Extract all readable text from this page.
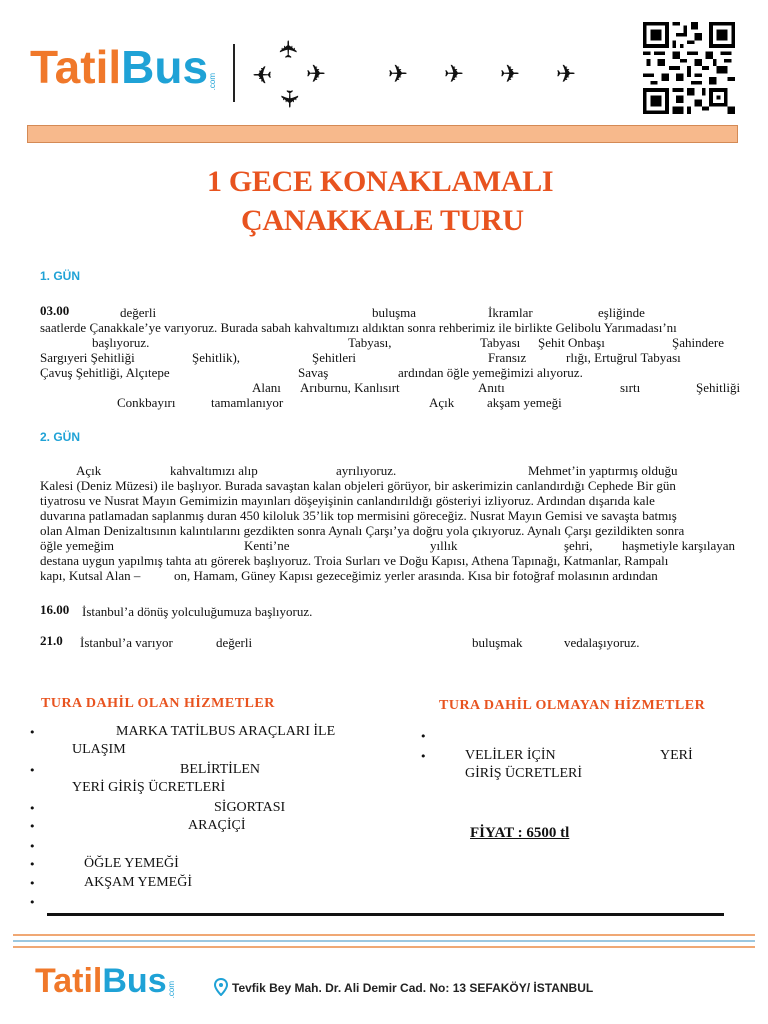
TatilBus.com
✈
✈ ✈
✈
✈ ✈ ✈ ✈
1 GECE KONAKLAMALI
ÇANAKKALE TURU
1. GÜN
03.00	değerli	buluşma	İkramlar	eşliğinde
saatlerde Çanakkale’ye varıyoruz. Burada sabah kahvaltımızı aldıktan sonra rehberimiz ile birlikte Gelibolu Yarımadası’nı
başlıyoruz.	Tabyası,	Tabyası Şehit Onbaşı	Şahindere
Sargıyeri Şehitliği	Şehitlik),	Şehitleri	Fransız	rlığı, Ertuğrul Tabyası
Çavuş Şehitliği, Alçıtepe	Savaş	ardından öğle yemeğimizi alıyoruz.
Alanı Arıburnu, Kanlısırt	Anıtı	sırtı	Şehitliği
Conkbayırı	tamamlanıyor	Açık	akşam yemeği
2. GÜN
Açık	kahvaltımızı alıp	ayrılıyoruz.	Mehmet’in yaptırmış olduğu
Kalesi (Deniz Müzesi) ile başlıyor. Burada savaştan kalan objeleri görüyor, bir askerimizin canlandırdığı Cephede Bir gün
tiyatrosu ve Nusrat Mayın Gemimizin mayınları döşeyişinin canlandırıldığı gösteriyi izliyoruz. Ardından dışarıda kale
duvarına patlamadan saplanmış duran 450 kiloluk 35’lik top mermisini göreceğiz. Nusrat Mayın Gemisi ve savaşta batmış
olan Alman Denizaltısının kalıntılarını gezdikten sonra Aynalı Çarşı’ya doğru yola çıkıyoruz. Aynalı Çarşı gezildikten sonra
öğle yemeğim	Kenti’ne	yıllık	şehri, haşmetiyle karşılayan
destana uygun yapılmış tahta atı görerek başlıyoruz. Troia Surları ve Doğu Kapısı, Athena Tapınağı, Katmanlar, Rampalı
kapı, Kutsal Alan –	on, Hamam, Güney Kapısı gezeceğimiz yerler arasında. Kısa bir fotoğraf molasının ardından
16.00 İstanbul’a dönüş yolculuğumuza başlıyoruz.
21.0 İstanbul’a varıyor	değerli	buluşmak	vedalaşıyoruz.
TURA DAHİL OLAN HİZMETLER
•	MARKA TATİLBUS ARAÇLARI İLE
ULAŞIM
•	BELİRTİLEN
YERİ GİRİŞ ÜCRETLERİ
•	SİGORTASI
•	ARAÇİÇİ
•
•	ÖĞLE YEMEĞİ
•	AKŞAM YEMEĞİ
•
TURA DAHİL OLMAYAN HİZMETLER
•
•	VELİLER İÇİN	YERİ
GİRİŞ ÜCRETLERİ
FİYAT : 6500 tl
TatilBus.com	Tevfik Bey Mah. Dr. Ali Demir Cad. No: 13 SEFAKÖY/ İSTANBUL
